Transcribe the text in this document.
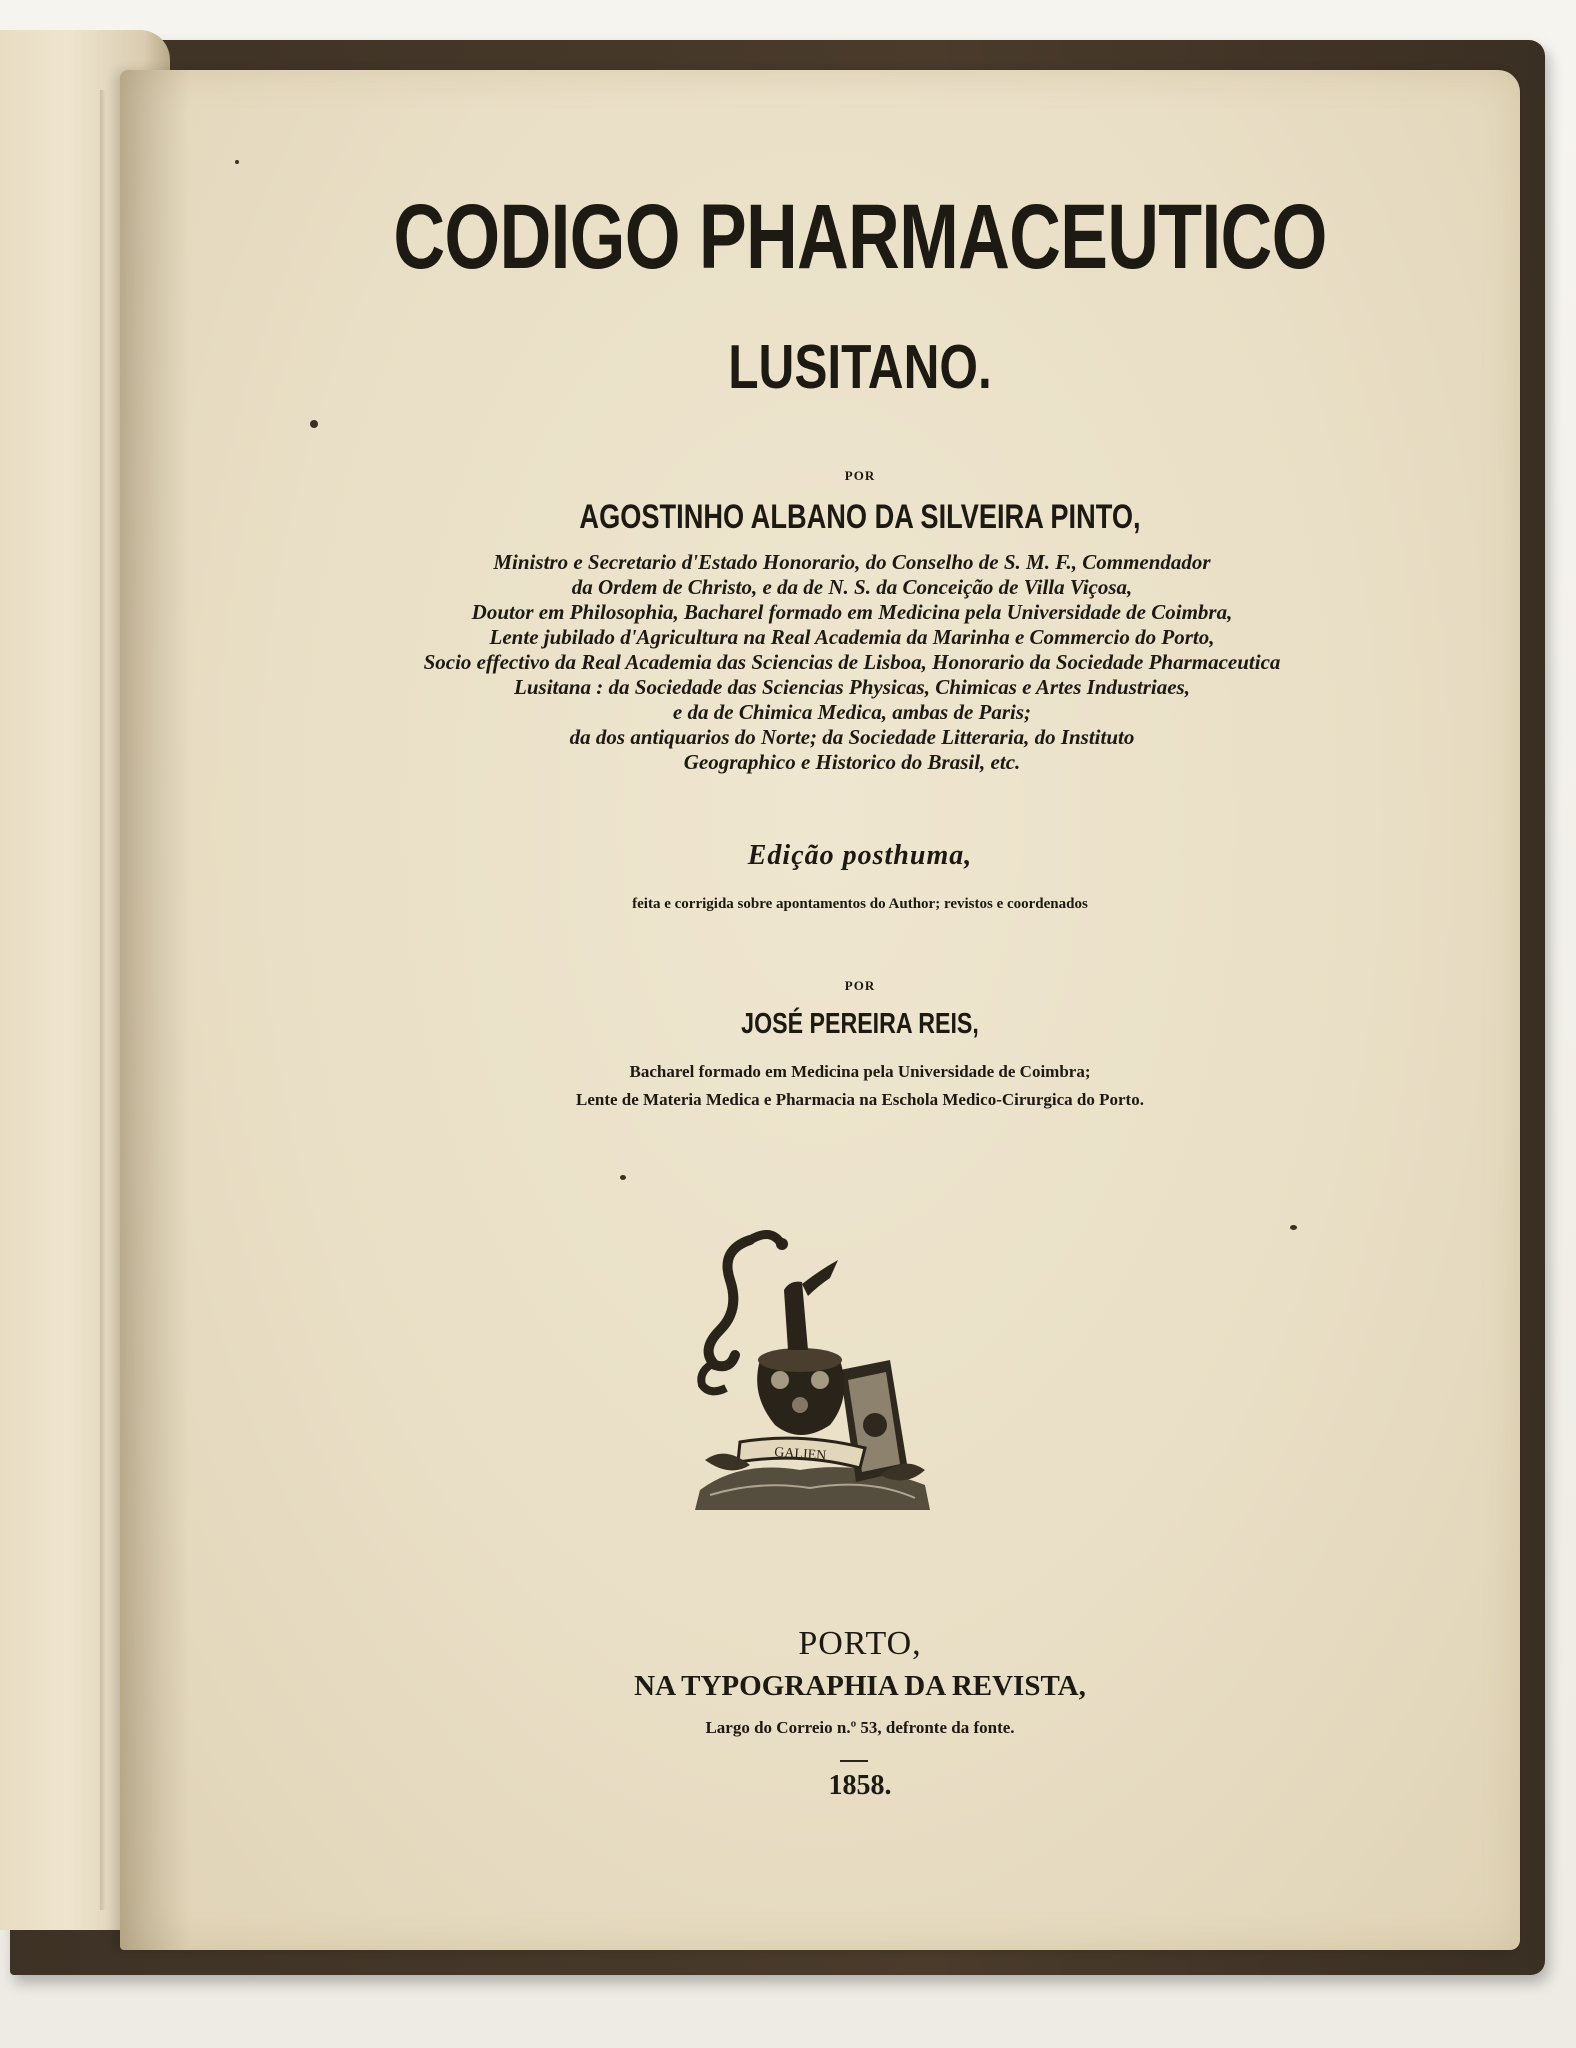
CODIGO PHARMACEUTICO
LUSITANO.
POR
AGOSTINHO ALBANO DA SILVEIRA PINTO,
Ministro e Secretario d'Estado Honorario, do Conselho de S. M. F., Commendador
da Ordem de Christo, e da de N. S. da Conceição de Villa Viçosa,
Doutor em Philosophia, Bacharel formado em Medicina pela Universidade de Coimbra,
Lente jubilado d'Agricultura na Real Academia da Marinha e Commercio do Porto,
Socio effectivo da Real Academia das Sciencias de Lisboa, Honorario da Sociedade Pharmaceutica
Lusitana : da Sociedade das Sciencias Physicas, Chimicas e Artes Industriaes,
e da de Chimica Medica, ambas de Paris;
da dos antiquarios do Norte; da Sociedade Litteraria, do Instituto
Geographico e Historico do Brasil, etc.
Edição posthuma,
feita e corrigida sobre apontamentos do Author; revistos e coordenados
POR
JOSÉ PEREIRA REIS,
Bacharel formado em Medicina pela Universidade de Coimbra;
Lente de Materia Medica e Pharmacia na Escholа Medico-Cirurgica do Porto.
GALIEN
PORTO,
NA TYPOGRAPHIA DA REVISTA,
Largo do Correio n.º 53, defronte da fonte.
1858.
